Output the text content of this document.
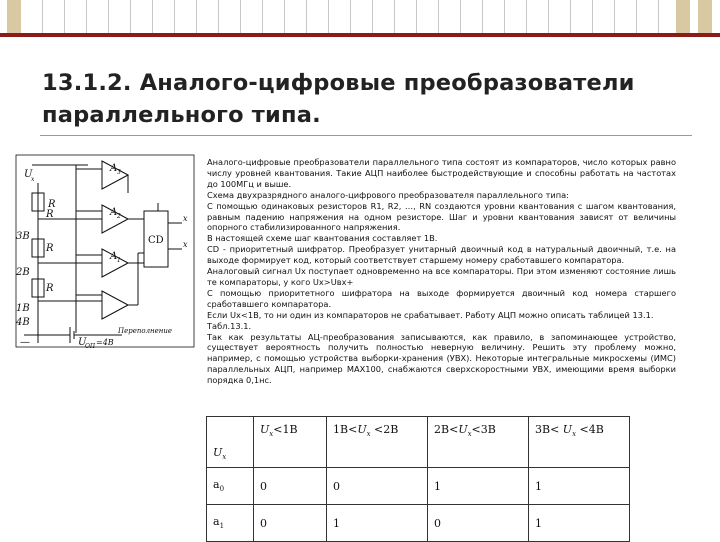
13.1.2. Аналого-цифровые преобразователи
параллельного типа.
U
x
R
R
3В
R
2В
R
1В
4В
A
A
A
3
2
1
CD
x
x
Переполнение
U
ОП =4В
—

Аналого-цифровые преобразователи параллельного типа состоят из компараторов, число которых равно числу уровней квантования. Такие АЦП наиболее быстродействующие и способны работать на частотах до 100МГц и выше.

Схема двухразрядного аналого-цифрового преобразователя параллельного типа:

С помощью одинаковых резисторов R1, R2, …, RN создаются уровни квантования с шагом квантования, равным падению напряжения на одном резисторе. Шаг и уровни квантования зависят от величины опорного стабилизированного напряжения.

В настоящей схеме шаг квантования составляет 1В.

CD - приоритетный шифратор. Преобразует унитарный двоичный код в натуральный двоичный, т.е. на выходе формирует код, который соответствует старшему номеру сработавшего компаратора.

Аналоговый сигнал Ux поступает одновременно на все компараторы. При этом изменяют состояние лишь те компараторы, у кого Ux>Uвх+

С помощью приоритетного шифратора на выходе формируется двоичный код номера старшего сработавшего компаратора.

Если Ux<1В, то ни один из компараторов не срабатывает. Работу АЦП можно описать таблицей 13.1.

Табл.13.1.

Так как результаты АЦ-преобразования записываются, как правило, в запоминающее устройство, существует вероятность получить полностью неверную величину. Решить эту проблему можно, например, с помощью устройства выборки-хранения (УВХ). Некоторые интегральные микросхемы (ИМС) параллельных АЦП, например MAX100, снабжаются сверхскоростными УВХ, имеющими время выборки порядка 0,1нс.

$U_x$	$U_x<1В$	$1В<U_x <2В$	$2В<U_x<3В$	$3В< U_x <4В$
$a_0$	0	0	1	1
$a_1$	0	1	0	1
